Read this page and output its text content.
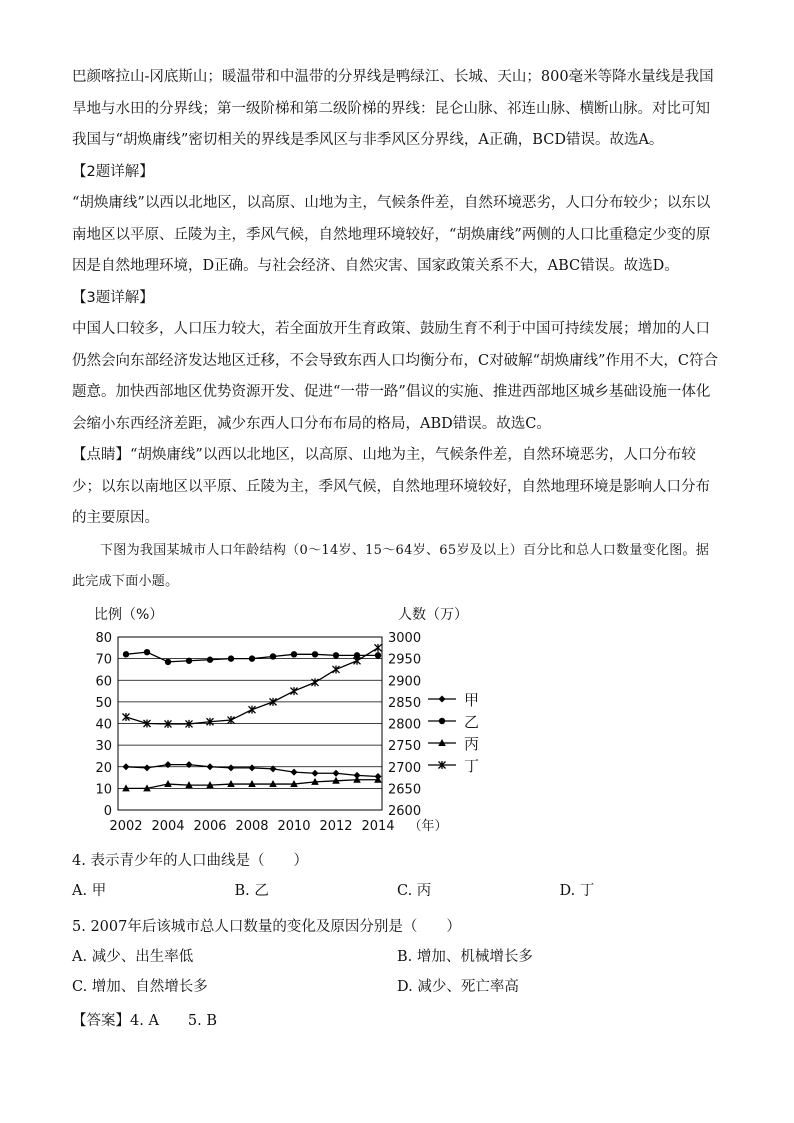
巴颜喀拉山-冈底斯山；暖温带和中温带的分界线是鸭绿江、长城、天山；800毫米等降水量线是我国旱地与水田的分界线；第一级阶梯和第二级阶梯的界线：昆仑山脉、祁连山脉、横断山脉。对比可知我国与“胡焕庸线”密切相关的界线是季风区与非季风区分界线，A正确，BCD错误。故选A。

【2题详解】

“胡焕庸线”以西以北地区，以高原、山地为主，气候条件差，自然环境恶劣，人口分布较少；以东以南地区以平原、丘陵为主，季风气候，自然地理环境较好，“胡焕庸线”两侧的人口比重稳定少变的原因是自然地理环境，D正确。与社会经济、自然灾害、国家政策关系不大，ABC错误。故选D。

【3题详解】

中国人口较多，人口压力较大，若全面放开生育政策、鼓励生育不利于中国可持续发展；增加的人口仍然会向东部经济发达地区迁移，不会导致东西人口均衡分布，C对破解“胡焕庸线”作用不大，C符合题意。加快西部地区优势资源开发、促进“一带一路”倡议的实施、推进西部地区城乡基础设施一体化会缩小东西经济差距，减少东西人口分布布局的格局，ABD错误。故选C。

【点睛】“胡焕庸线”以西以北地区，以高原、山地为主，气候条件差，自然环境恶劣，人口分布较少；以东以南地区以平原、丘陵为主，季风气候，自然地理环境较好，自然地理环境是影响人口分布的主要原因。

下图为我国某城市人口年龄结构（0～14岁、15～64岁、65岁及以上）百分比和总人口数量变化图。据此完成下面小题。

0
10
20
30
40
50
60
70
80
2600
2650
2700
2750
2800
2850
2900
2950
3000
2002 2004 2006 2008 2010 2012 2014
比例（%）	人数（万）
（年）
甲
乙
丙
丁

4. 表示青少年的人口曲线是（　　）

A. 甲	B. 乙	C. 丙	D. 丁

5. 2007年后该城市总人口数量的变化及原因分别是（　　）

A. 减少、出生率低	B. 增加、机械增长多
C. 增加、自然增长多	D. 减少、死亡率高

【答案】4. A　　5. B
